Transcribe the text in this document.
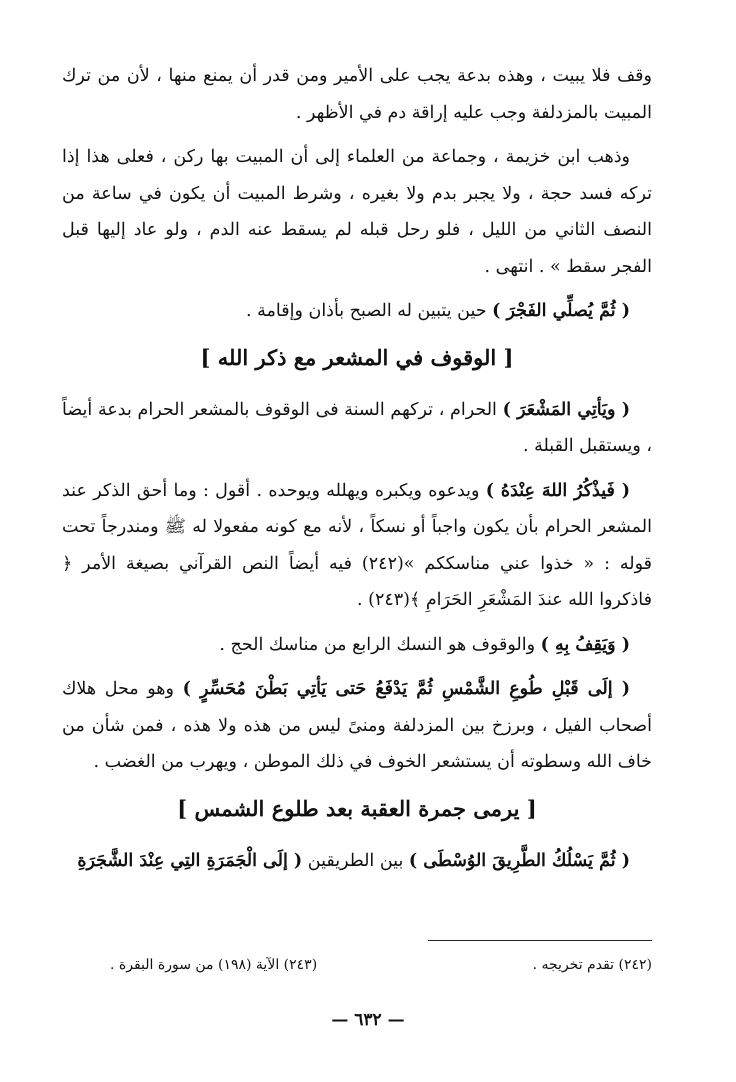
وقف فلا يبيت ، وهذه بدعة يجب على الأمير ومن قدر أن يمنع منها ، لأن من ترك المبيت بالمزدلفة وجب عليه إراقة دم في الأظهر .

وذهب ابن خزيمة ، وجماعة من العلماء إلى أن المبيت بها ركن ، فعلى هذا إذا تركه فسد حجة ، ولا يجبر بدم ولا بغيره ، وشرط المبيت أن يكون في ساعة من النصف الثاني من الليل ، فلو رحل قبله لم يسقط عنه الدم ، ولو عاد إليها قبل الفجر سقط » . انتهى .

( ثُمَّ يُصلِّي الفَجْرَ ) حين يتبين له الصبح بأذان وإقامة .

[ الوقوف في المشعر مع ذكر الله ]

( ويَأتِي المَشْعَرَ ) الحرام ، تركهم السنة فى الوقوف بالمشعر الحرام بدعة أيضاً ، ويستقبل القبلة .

( فَيذْكُرُ اللهَ عِنْدَهُ ) ويدعوه ويكبره ويهلله ويوحده . أقول : وما أحق الذكر عند المشعر الحرام بأن يكون واجباً أو نسكاً ، لأنه مع كونه مفعولا له ﷺ ومندرجاً تحت قوله : « خذوا عني مناسككم »(٢٤٢) فيه أيضاً النص القرآني بصيغة الأمر ﴿ فاذكروا الله عندَ المَشْعَرِ الحَرَامِ ﴾(٢٤٣) .

( وَيَقِفُ بِهِ ) والوقوف هو النسك الرابع من مناسك الحج .

( إلَى قَبْلِ طُوعِ الشَّمْسِ ثُمَّ يَدْفَعُ حَتى يَأتِي بَطْنَ مُحَسِّرٍ ) وهو محل هلاك أصحاب الفيل ، وبرزخ بين المزدلفة ومنىً ليس من هذه ولا هذه ، فمن شأن من خاف الله وسطوته أن يستشعر الخوف في ذلك الموطن ، ويهرب من الغضب .

[ يرمى جمرة العقبة بعد طلوع الشمس ]

( ثُمَّ يَسْلُكُ الطَّرِيقَ الوُسْطَى ) بين الطريقين ( إلَى الْجَمَرَةِ التِي عِنْدَ الشَّجَرَةِ

(٢٤٢) تقدم تخريجه .
(٢٤٣) الآية (١٩٨) من سورة البقرة .
— ٦٣٢ —
